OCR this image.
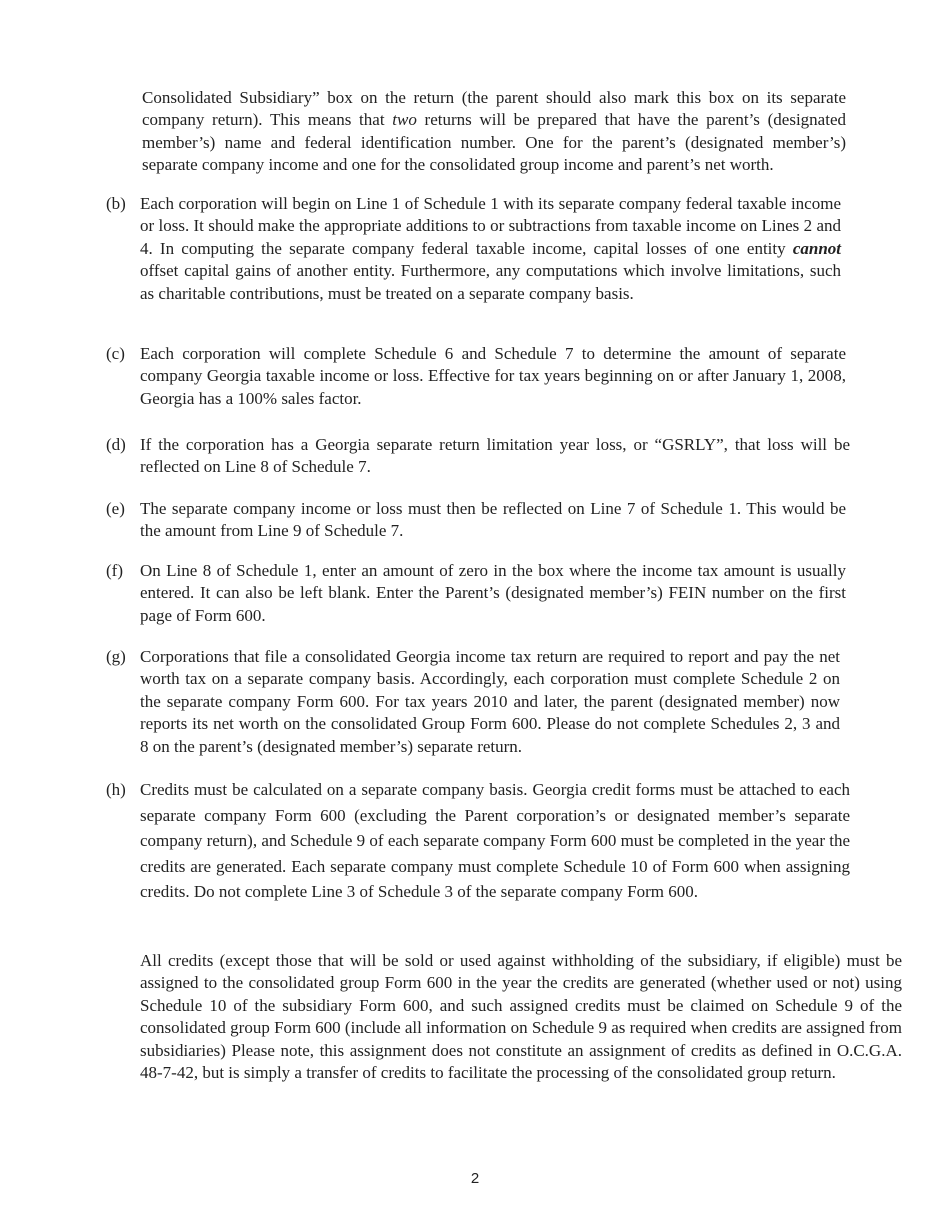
Consolidated Subsidiary” box on the return (the parent should also mark this box on its separate company return). This means that two returns will be prepared that have the parent’s (designated member’s) name and federal identification number. One for the parent’s (designated member’s) separate company income and one for the consolidated group income and parent’s net worth.

(b) Each corporation will begin on Line 1 of Schedule 1 with its separate company federal taxable income or loss. It should make the appropriate additions to or subtractions from taxable income on Lines 2 and 4. In computing the separate company federal taxable income, capital losses of one entity cannot offset capital gains of another entity. Furthermore, any computations which involve limitations, such as charitable contributions, must be treated on a separate company basis.
(c) Each corporation will complete Schedule 6 and Schedule 7 to determine the amount of separate company Georgia taxable income or loss. Effective for tax years beginning on or after January 1, 2008, Georgia has a 100% sales factor.
(d) If the corporation has a Georgia separate return limitation year loss, or “GSRLY”, that loss will be reflected on Line 8 of Schedule 7.
(e) The separate company income or loss must then be reflected on Line 7 of Schedule 1. This would be the amount from Line 9 of Schedule 7.
(f) On Line 8 of Schedule 1, enter an amount of zero in the box where the income tax amount is usually entered. It can also be left blank. Enter the Parent’s (designated member’s) FEIN number on the first page of Form 600.
(g) Corporations that file a consolidated Georgia income tax return are required to report and pay the net worth tax on a separate company basis. Accordingly, each corporation must complete Schedule 2 on the separate company Form 600. For tax years 2010 and later, the parent (designated member) now reports its net worth on the consolidated Group Form 600. Please do not complete Schedules 2, 3 and 8 on the parent’s (designated member’s) separate return.
(h) Credits must be calculated on a separate company basis. Georgia credit forms must be attached to each separate company Form 600 (excluding the Parent corporation’s or designated member’s separate company return), and Schedule 9 of each separate company Form 600 must be completed in the year the credits are generated. Each separate company must complete Schedule 10 of Form 600 when assigning credits. Do not complete Line 3 of Schedule 3 of the separate company Form 600.

All credits (except those that will be sold or used against withholding of the subsidiary, if eligible) must be assigned to the consolidated group Form 600 in the year the credits are generated (whether used or not) using Schedule 10 of the subsidiary Form 600, and such assigned credits must be claimed on Schedule 9 of the consolidated group Form 600 (include all information on Schedule 9 as required when credits are assigned from subsidiaries) Please note, this assignment does not constitute an assignment of credits as defined in O.C.G.A. 48-7-42, but is simply a transfer of credits to facilitate the processing of the consolidated group return.

2
